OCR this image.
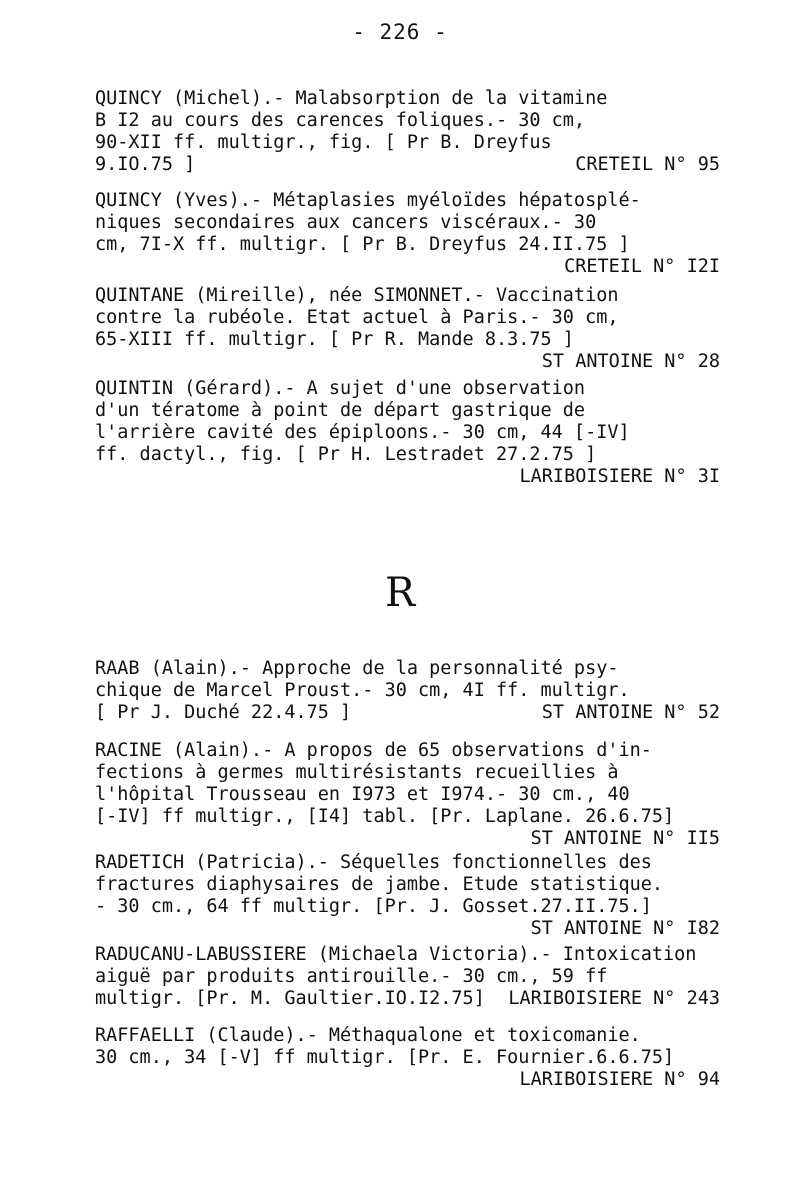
- 226 -
QUINCY (Michel).- Malabsorption de la vitamine
B I2 au cours des carences foliques.- 30 cm,
90-XII ff. multigr., fig. [ Pr B. Dreyfus
9.IO.75 ]	CRETEIL N° 95
QUINCY (Yves).- Métaplasies myéloïdes hépatosplé-
niques secondaires aux cancers viscéraux.- 30
cm, 7I-X ff. multigr. [ Pr B. Dreyfus 24.II.75 ]
CRETEIL N° I2I
QUINTANE (Mireille), née SIMONNET.- Vaccination
contre la rubéole. Etat actuel à Paris.- 30 cm,
65-XIII ff. multigr. [ Pr R. Mande 8.3.75 ]
ST ANTOINE N° 28
QUINTIN (Gérard).- A sujet d'une observation
d'un tératome à point de départ gastrique de
l'arrière cavité des épiploons.- 30 cm, 44 [-IV]
ff. dactyl., fig. [ Pr H. Lestradet 27.2.75 ]
LARIBOISIERE N° 3I
R
RAAB (Alain).- Approche de la personnalité psy-
chique de Marcel Proust.- 30 cm, 4I ff. multigr.
[ Pr J. Duché 22.4.75 ]	ST ANTOINE N° 52
RACINE (Alain).- A propos de 65 observations d'in-
fections à germes multirésistants recueillies à
l'hôpital Trousseau en I973 et I974.- 30 cm., 40
[-IV] ff multigr., [I4] tabl. [Pr. Laplane. 26.6.75]
ST ANTOINE N° II5
RADETICH (Patricia).- Séquelles fonctionnelles des
fractures diaphysaires de jambe. Etude statistique.
- 30 cm., 64 ff multigr. [Pr. J. Gosset.27.II.75.]
ST ANTOINE N° I82
RADUCANU-LABUSSIERE (Michaela Victoria).- Intoxication
aiguë par produits antirouille.- 30 cm., 59 ff
multigr. [Pr. M. Gaultier.IO.I2.75] LARIBOISIERE N° 243
RAFFAELLI (Claude).- Méthaqualone et toxicomanie.
30 cm., 34 [-V] ff multigr. [Pr. E. Fournier.6.6.75]
LARIBOISIERE N° 94
